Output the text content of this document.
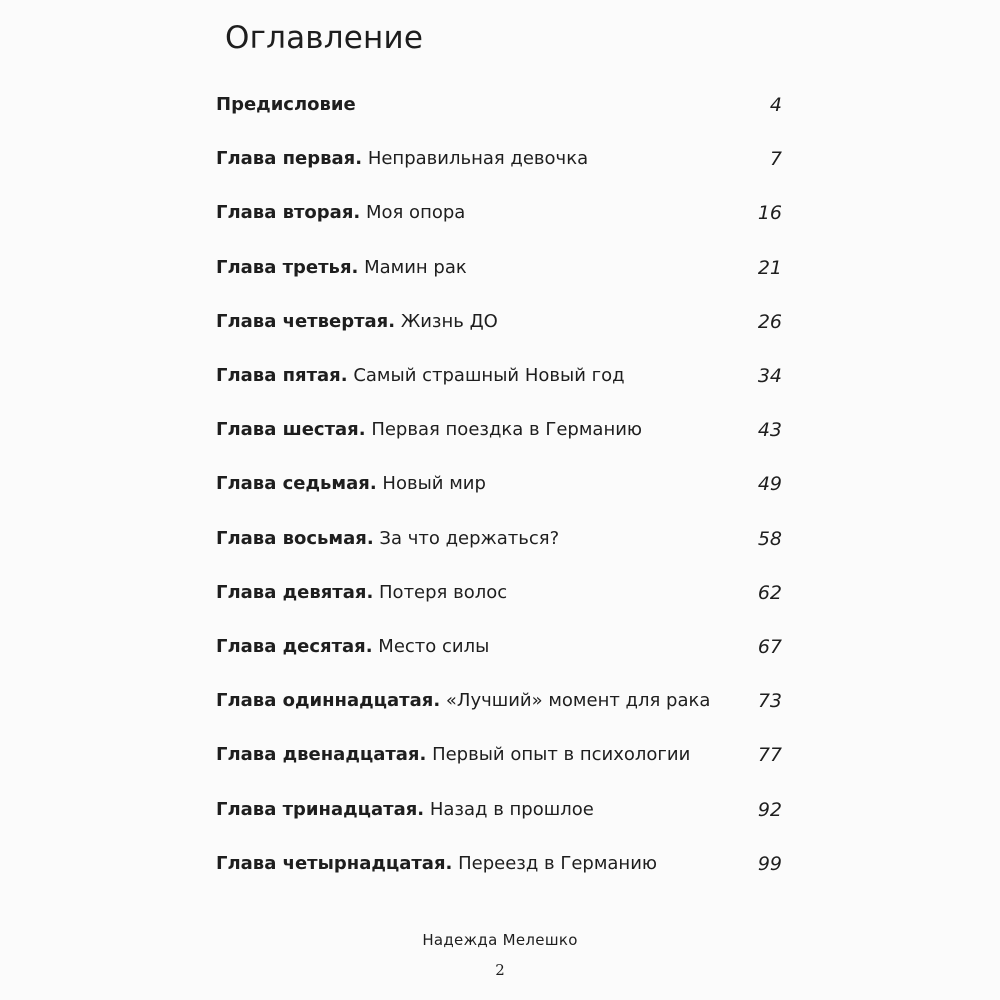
Оглавление
Предисловие	4
Глава первая. Неправильная девочка	7
Глава вторая. Моя опора	16
Глава третья. Мамин рак	21
Глава четвертая. Жизнь ДО	26
Глава пятая. Самый страшный Новый год	34
Глава шестая. Первая поездка в Германию	43
Глава седьмая. Новый мир	49
Глава восьмая. За что держаться?	58
Глава девятая. Потеря волос	62
Глава десятая. Место силы	67
Глава одиннадцатая. «Лучший» момент для рака	73
Глава двенадцатая. Первый опыт в психологии	77
Глава тринадцатая. Назад в прошлое	92
Глава четырнадцатая. Переезд в Германию	99
Надежда Мелешко
2
